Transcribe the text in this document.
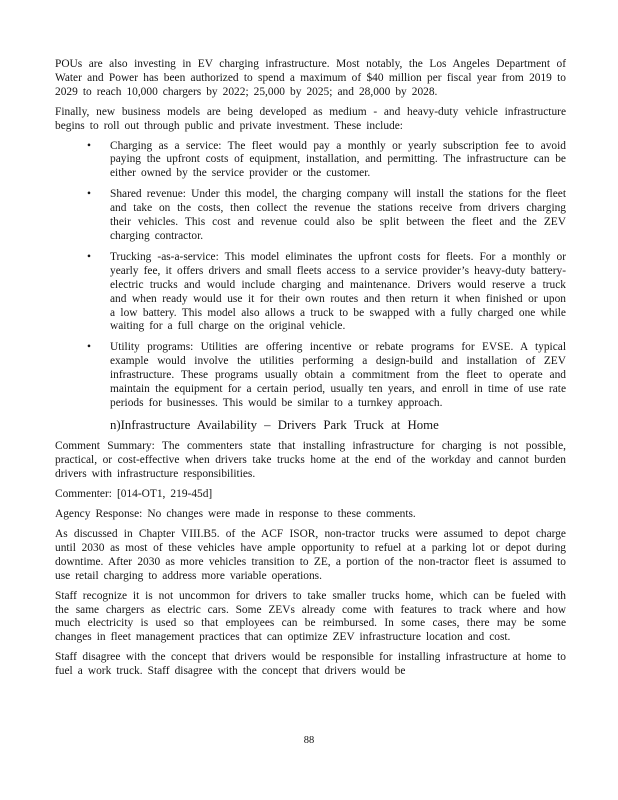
POUs are also investing in EV charging infrastructure. Most notably, the Los Angeles Department of Water and Power has been authorized to spend a maximum of $40 million per fiscal year from 2019 to 2029 to reach 10,000 chargers by 2022; 25,000 by 2025; and 28,000 by 2028.

Finally, new business models are being developed as medium - and heavy-duty vehicle infrastructure begins to roll out through public and private investment. These include:

• Charging as a service: The fleet would pay a monthly or yearly subscription fee to avoid paying the upfront costs of equipment, installation, and permitting. The infrastructure can be either owned by the service provider or the customer.
• Shared revenue: Under this model, the charging company will install the stations for the fleet and take on the costs, then collect the revenue the stations receive from drivers charging their vehicles. This cost and revenue could also be split between the fleet and the ZEV charging contractor.
• Trucking -as-a-service: This model eliminates the upfront costs for fleets. For a monthly or yearly fee, it offers drivers and small fleets access to a service provider’s heavy-duty battery-electric trucks and would include charging and maintenance. Drivers would reserve a truck and when ready would use it for their own routes and then return it when finished or upon a low battery. This model also allows a truck to be swapped with a fully charged one while waiting for a full charge on the original vehicle.
• Utility programs: Utilities are offering incentive or rebate programs for EVSE. A typical example would involve the utilities performing a design-build and installation of ZEV infrastructure. These programs usually obtain a commitment from the fleet to operate and maintain the equipment for a certain period, usually ten years, and enroll in time of use rate periods for businesses. This would be similar to a turnkey approach.
n)Infrastructure Availability – Drivers Park Truck at Home

Comment Summary: The commenters state that installing infrastructure for charging is not possible, practical, or cost-effective when drivers take trucks home at the end of the workday and cannot burden drivers with infrastructure responsibilities.

Commenter: [014-OT1, 219-45d]

Agency Response: No changes were made in response to these comments.

As discussed in Chapter VIII.B5. of the ACF ISOR, non-tractor trucks were assumed to depot charge until 2030 as most of these vehicles have ample opportunity to refuel at a parking lot or depot during downtime. After 2030 as more vehicles transition to ZE, a portion of the non-tractor fleet is assumed to use retail charging to address more variable operations.

Staff recognize it is not uncommon for drivers to take smaller trucks home, which can be fueled with the same chargers as electric cars. Some ZEVs already come with features to track where and how much electricity is used so that employees can be reimbursed. In some cases, there may be some changes in fleet management practices that can optimize ZEV infrastructure location and cost.

Staff disagree with the concept that drivers would be responsible for installing infrastructure at home to fuel a work truck. Staff disagree with the concept that drivers would be

88
